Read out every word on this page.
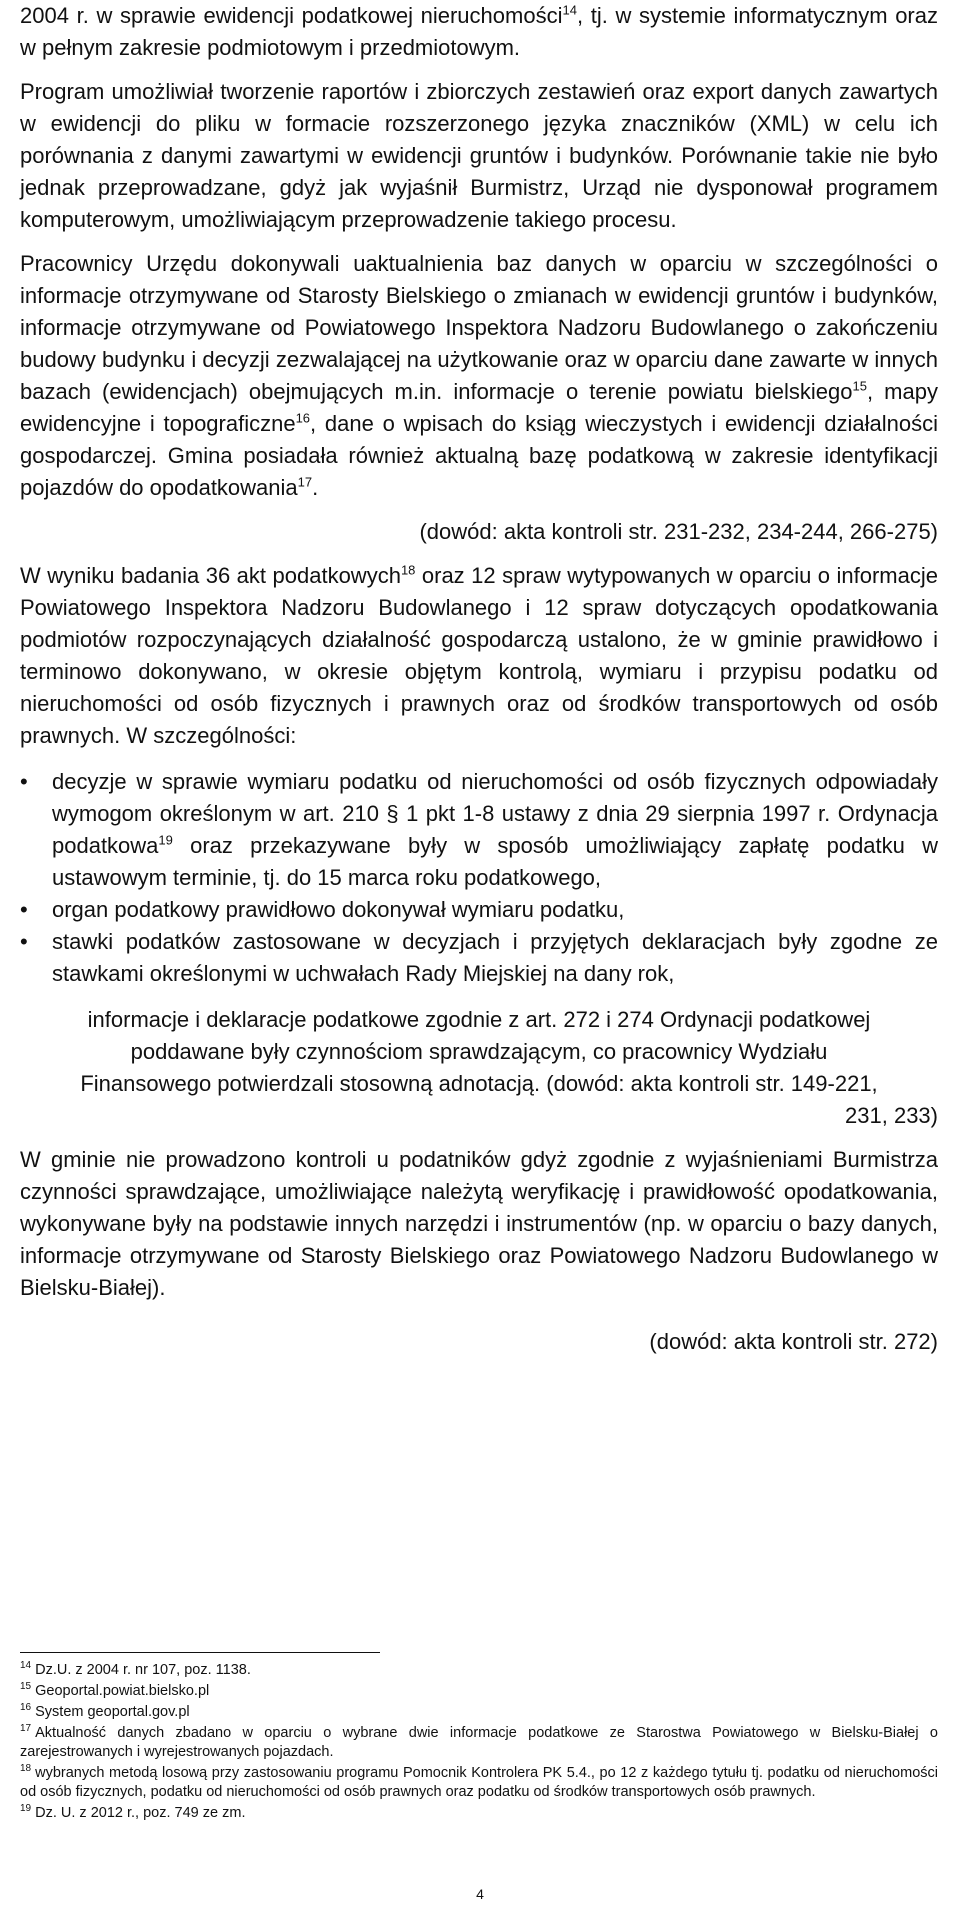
2004 r. w sprawie ewidencji podatkowej nieruchomości$^{14}$, tj. w systemie informatycznym oraz w pełnym zakresie podmiotowym i przedmiotowym.

Program umożliwiał tworzenie raportów i zbiorczych zestawień oraz export danych zawartych w ewidencji do pliku w formacie rozszerzonego języka znaczników (XML) w celu ich porównania z danymi zawartymi w ewidencji gruntów i budynków. Porównanie takie nie było jednak przeprowadzane, gdyż jak wyjaśnił Burmistrz, Urząd nie dysponował programem komputerowym, umożliwiającym przeprowadzenie takiego procesu.

Pracownicy Urzędu dokonywali uaktualnienia baz danych w oparciu w szczególności o informacje otrzymywane od Starosty Bielskiego o zmianach w ewidencji gruntów i budynków, informacje otrzymywane od Powiatowego Inspektora Nadzoru Budowlanego o zakończeniu budowy budynku i decyzji zezwalającej na użytkowanie oraz w oparciu dane zawarte w innych bazach (ewidencjach) obejmujących m.in. informacje o terenie powiatu bielskiego$^{15}$, mapy ewidencyjne i topograficzne$^{16}$, dane o wpisach do ksiąg wieczystych i ewidencji działalności gospodarczej. Gmina posiadała również aktualną bazę podatkową w zakresie identyfikacji pojazdów do opodatkowania$^{17}$.

(dowód: akta kontroli str. 231-232, 234-244, 266-275)

W wyniku badania 36 akt podatkowych$^{18}$ oraz 12 spraw wytypowanych w oparciu o informacje Powiatowego Inspektora Nadzoru Budowlanego i 12 spraw dotyczących opodatkowania podmiotów rozpoczynających działalność gospodarczą ustalono, że w gminie prawidłowo i terminowo dokonywano, w okresie objętym kontrolą, wymiaru i przypisu podatku od nieruchomości od osób fizycznych i prawnych oraz od środków transportowych od osób prawnych. W szczególności:

• decyzje w sprawie wymiaru podatku od nieruchomości od osób fizycznych odpowiadały wymogom określonym w art. 210 § 1 pkt 1-8 ustawy z dnia 29 sierpnia 1997 r. Ordynacja podatkowa$^{19}$ oraz przekazywane były w sposób umożliwiający zapłatę podatku w ustawowym terminie, tj. do 15 marca roku podatkowego,
• organ podatkowy prawidłowo dokonywał wymiaru podatku,
• stawki podatków zastosowane w decyzjach i przyjętych deklaracjach były zgodne ze stawkami określonymi w uchwałach Rady Miejskiej na dany rok,
informacje i deklaracje podatkowe zgodnie z art. 272 i 274 Ordynacji podatkowej
poddawane były czynnościom sprawdzającym, co pracownicy Wydziału
Finansowego potwierdzali stosowną adnotacją. (dowód: akta kontroli str. 149-221,
231, 233)

W gminie nie prowadzono kontroli u podatników gdyż zgodnie z wyjaśnieniami Burmistrza czynności sprawdzające, umożliwiające należytą weryfikację i prawidłowość opodatkowania, wykonywane były na podstawie innych narzędzi i instrumentów (np. w oparciu o bazy danych, informacje otrzymywane od Starosty Bielskiego oraz Powiatowego Nadzoru Budowlanego w Bielsku-Białej).

(dowód: akta kontroli str. 272)

$^{14}$ Dz.U. z 2004 r. nr 107, poz. 1138.

$^{15}$ Geoportal.powiat.bielsko.pl

$^{16}$ System geoportal.gov.pl

$^{17}$ Aktualność danych zbadano w oparciu o wybrane dwie informacje podatkowe ze Starostwa Powiatowego w Bielsku-Białej o zarejestrowanych i wyrejestrowanych pojazdach.

$^{18}$ wybranych metodą losową przy zastosowaniu programu Pomocnik Kontrolera PK 5.4., po 12 z każdego tytułu tj. podatku od nieruchomości od osób fizycznych, podatku od nieruchomości od osób prawnych oraz podatku od środków transportowych osób prawnych.

$^{19}$ Dz. U. z 2012 r., poz. 749 ze zm.

4
